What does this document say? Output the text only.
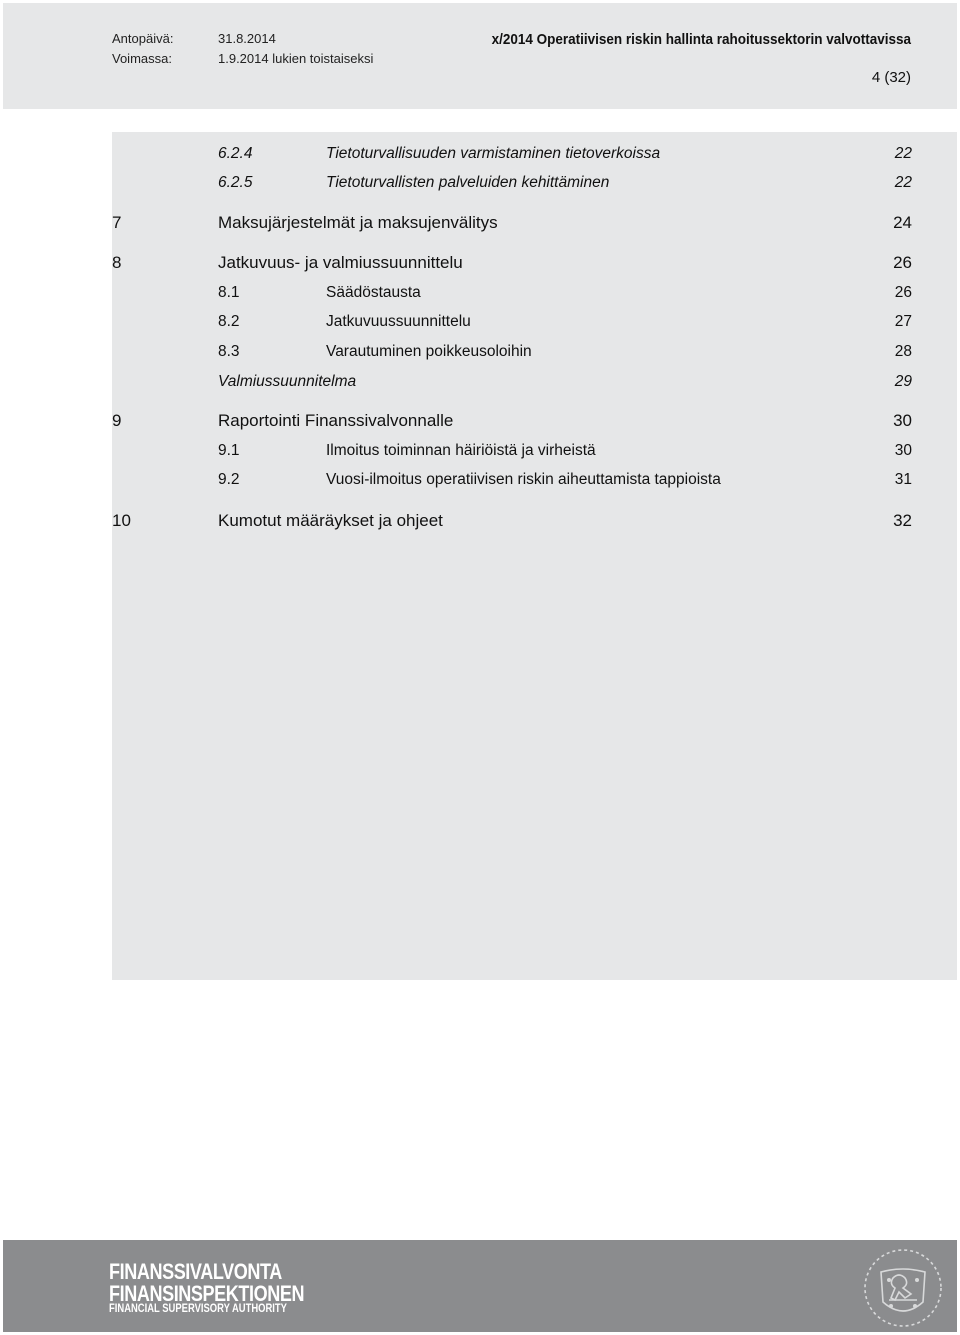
Antopäivä:	31.8.2014
Voimassa:	1.9.2014 lukien toistaiseksi
x/2014 Operatiivisen riskin hallinta rahoitussektorin valvottavissa
4 (32)
6.2.4	Tietoturvallisuuden varmistaminen tietoverkoissa	22
6.2.5	Tietoturvallisten palveluiden kehittäminen	22
7	Maksujärjestelmät ja maksujenvälitys	24
8	Jatkuvuus- ja valmiussuunnittelu	26
8.1	Säädöstausta	26
8.2	Jatkuvuussuunnittelu	27
8.3	Varautuminen poikkeusoloihin	28
Valmiussuunnitelma	29
9	Raportointi Finanssivalvonnalle	30
9.1	Ilmoitus toiminnan häiriöistä ja virheistä	30
9.2	Vuosi-ilmoitus operatiivisen riskin aiheuttamista tappioista	31
10	Kumotut määräykset ja ohjeet	32
FINANSSIVALVONTA
FINANSINSPEKTIONEN
FINANCIAL SUPERVISORY AUTHORITY
